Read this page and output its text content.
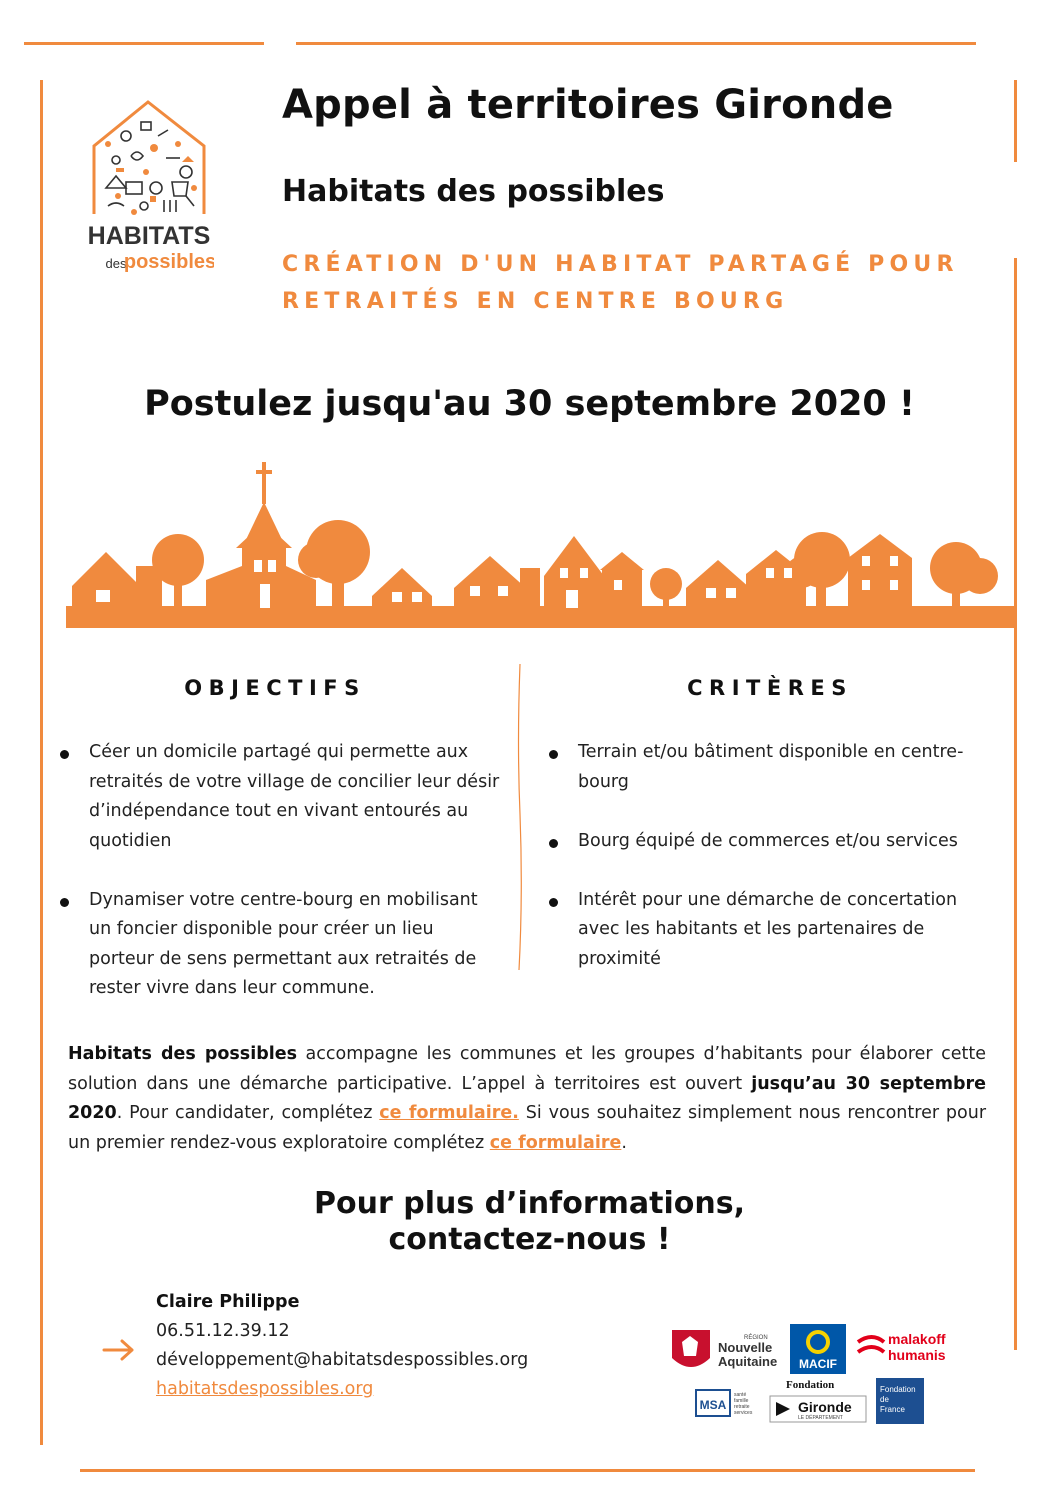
HABITATS
des
possibles
Appel à territoires Gironde
Habitats des possibles

CRÉATION D'UN HABITAT PARTAGÉ POUR RETRAITÉS EN CENTRE BOURG

Postulez jusqu'au 30 septembre 2020 !

OBJECTIFS
Céer un domicile partagé qui permette aux retraités de votre village de concilier leur désir d’indépendance tout en vivant entourés au quotidien
Dynamiser votre centre-bourg en mobilisant un foncier disponible pour créer un lieu porteur de sens permettant aux retraités de rester vivre dans leur commune.
CRITÈRES
Terrain et/ou bâtiment disponible en centre-bourg
Bourg équipé de commerces et/ou services
Intérêt pour une démarche de concertation avec les habitants et les partenaires de proximité

Habitats des possibles accompagne les communes et les groupes d’habitants pour élaborer cette solution dans une démarche participative. L’appel à territoires est ouvert jusqu’au 30 septembre 2020. Pour candidater, complétez ce formulaire. Si vous souhaitez simplement nous rencontrer pour un premier rendez-vous exploratoire complétez ce formulaire.

Pour plus d’informations,
contactez-nous !

Claire Philippe
06.51.12.39.12
développement@habitatsdespossibles.org
habitatsdespossibles.org
RÉGION
Nouvelle
Aquitaine MACIF
malakoff
humanis
MSA
santé
famille
retraite
services
Fondation
Gironde
LE DÉPARTEMENT
Fondation
de
France
